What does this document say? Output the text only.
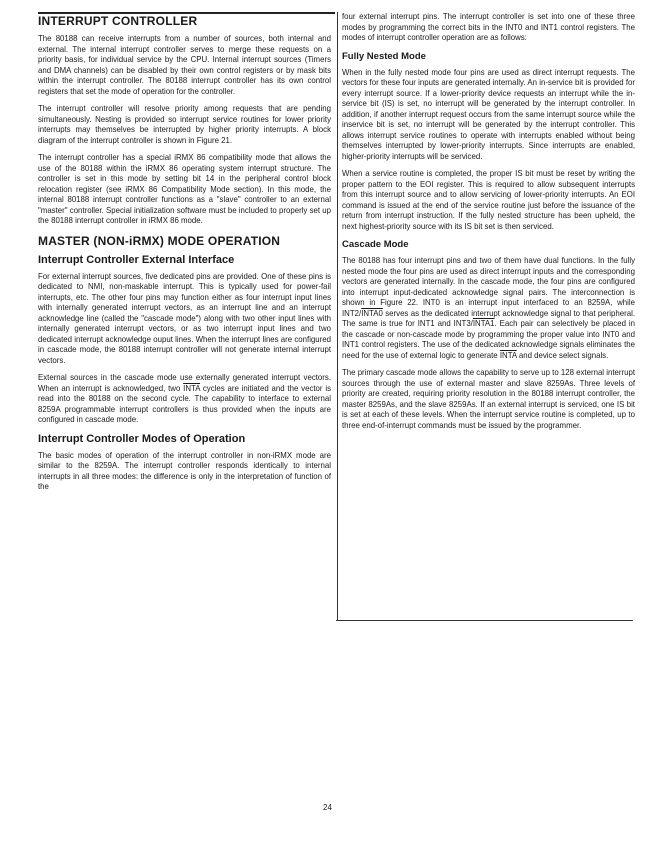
INTERRUPT CONTROLLER

The 80188 can receive interrupts from a number of sources, both internal and external. The internal interrupt controller serves to merge these requests on a priority basis, for individual service by the CPU. Internal interrupt sources (Timers and DMA channels) can be disabled by their own control registers or by mask bits within the interrupt controller. The 80188 interrupt controller has its own control registers that set the mode of operation for the controller.

The interrupt controller will resolve priority among requests that are pending simultaneously. Nesting is provided so interrupt service routines for lower priority interrupts may themselves be interrupted by higher priority interrupts. A block diagram of the interrupt controller is shown in Figure 21.

The interrupt controller has a special iRMX 86 compatibility mode that allows the use of the 80188 within the iRMX 86 operating system interrupt structure. The controller is set in this mode by setting bit 14 in the peripheral control block relocation register (see iRMX 86 Compatibility Mode section). In this mode, the internal 80188 interrupt controller functions as a "slave" controller to an external "master" controller. Special initialization software must be included to properly set up the 80188 interrupt controller in iRMX 86 mode.

MASTER (NON-iRMX) MODE OPERATION
Interrupt Controller External Interface

For external interrupt sources, five dedicated pins are provided. One of these pins is dedicated to NMI, non-maskable interrupt. This is typically used for power-fail interrupts, etc. The other four pins may function either as four interrupt input lines with internally generated interrupt vectors, as an interrupt line and an interrupt acknowledge line (called the "cascade mode") along with two other input lines with internally generated interrupt vectors, or as two interrupt input lines and two dedicated interrupt acknowledge ouput lines. When the interrupt lines are configured in cascade mode, the 80188 interrupt controller will not generate internal interrupt vectors.

External sources in the cascade mode use externally generated interrupt vectors. When an interrupt is acknowledged, two INTA cycles are initiated and the vector is read into the 80188 on the second cycle. The capability to interface to external 8259A programmable interrupt controllers is thus provided when the inputs are configured in cascade mode.

Interrupt Controller Modes of Operation

The basic modes of operation of the interrupt controller in non-iRMX mode are similar to the 8259A. The interrupt controller responds identically to internal interrupts in all three modes: the difference is only in the interpretation of function of the

four external interrupt pins. The interrupt controller is set into one of these three modes by programming the correct bits in the INT0 and INT1 control registers. The modes of interrupt controller operation are as follows:

Fully Nested Mode

When in the fully nested mode four pins are used as direct interrupt requests. The vectors for these four inputs are generated internally. An in-service bit is provided for every interrupt source. If a lower-priority device requests an interrupt while the in-service bit (IS) is set, no interrupt will be generated by the interrupt controller. In addition, if another interrupt request occurs from the same interrupt source while the inservice bit is set, no interrupt will be generated by the interrupt controller. This allows interrupt service routines to operate with interrupts enabled without being themselves interrupted by lower-priority interrupts. Since interrupts are enabled, higher-priority interrupts will be serviced.

When a service routine is completed, the proper IS bit must be reset by writing the proper pattern to the EOI register. This is required to allow subsequent interrupts from this interrupt source and to allow servicing of lower-priority interrupts. An EOI command is issued at the end of the service routine just before the issuance of the return from interrupt instruction. If the fully nested structure has been upheld, the next highest-priority source with its IS bit set is then serviced.

Cascade Mode

The 80188 has four interrupt pins and two of them have dual functions. In the fully nested mode the four pins are used as direct interrupt inputs and the corresponding vectors are generated internally. In the cascade mode, the four pins are configured into interrupt input-dedicated acknowledge signal pairs. The interconnection is shown in Figure 22. INT0 is an interrupt input interfaced to an 8259A, while INT2/INTA0 serves as the dedicated interrupt acknowledge signal to that peripheral. The same is true for INT1 and INT3/INTA1. Each pair can selectively be placed in the cascade or non-cascade mode by programming the proper value into INT0 and INT1 control registers. The use of the dedicated acknowledge signals eliminates the need for the use of external logic to generate INTA and device select signals.

The primary cascade mode allows the capability to serve up to 128 external interrupt sources through the use of external master and slave 8259As. Three levels of priority are created, requiring priority resolution in the 80188 interrupt controller, the master 8259As, and the slave 8259As. If an external interrupt is serviced, one IS bit is set at each of these levels. When the interrupt service routine is completed, up to three end-of-interrupt commands must be issued by the programmer.

24
